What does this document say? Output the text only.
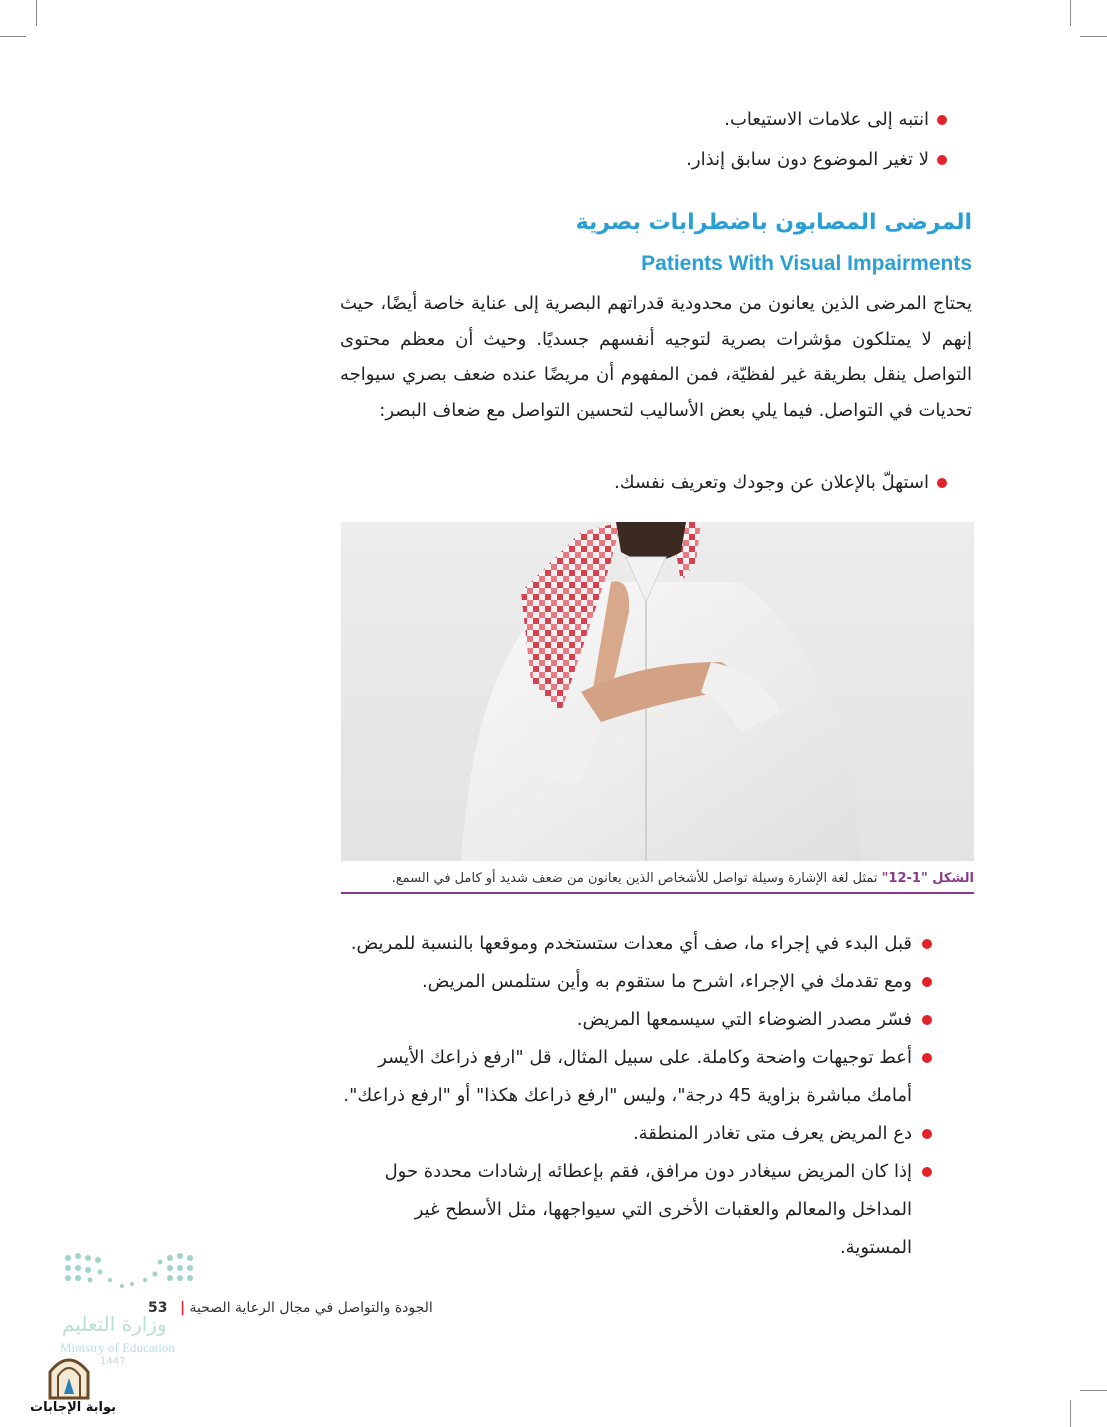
انتبه إلى علامات الاستيعاب.
لا تغير الموضوع دون سابق إنذار.
المرضى المصابون باضطرابات بصرية
Patients With Visual Impairments
يحتاج المرضى الذين يعانون من محدودية قدراتهم البصرية إلى عناية خاصة أيضًا، حيث إنهم لا يمتلكون مؤشرات بصرية لتوجيه أنفسهم جسديًا. وحيث أن معظم محتوى التواصل ينقل بطريقة غير لفظيّة، فمن المفهوم أن مريضًا عنده ضعف بصري سيواجه تحديات في التواصل. فيما يلي بعض الأساليب لتحسين التواصل مع ضعاف البصر:
استهلّ بالإعلان عن وجودك وتعريف نفسك.
الشكل "1-12" تمثل لغة الإشارة وسيلة تواصل للأشخاص الذين يعانون من ضعف شديد أو كامل في السمع.
قبل البدء في إجراء ما، صف أي معدات ستستخدم وموقعها بالنسبة للمريض.
ومع تقدمك في الإجراء، اشرح ما ستقوم به وأين ستلمس المريض.
فسّر مصدر الضوضاء التي سيسمعها المريض.
أعط توجيهات واضحة وكاملة. على سبيل المثال، قل "ارفع ذراعك الأيسر أمامك مباشرة بزاوية 45 درجة"، وليس "ارفع ذراعك هكذا" أو "ارفع ذراعك".
دع المريض يعرف متى تغادر المنطقة.
إذا كان المريض سيغادر دون مرافق، فقم بإعطائه إرشادات محددة حول المداخل والمعالم والعقبات الأخرى التي سيواجهها، مثل الأسطح غير المستوية.
وزارة التعليم
Ministry of Education
1447
الجودة والتواصل في مجال الرعاية الصحية | 53
بوابة الإجابات
